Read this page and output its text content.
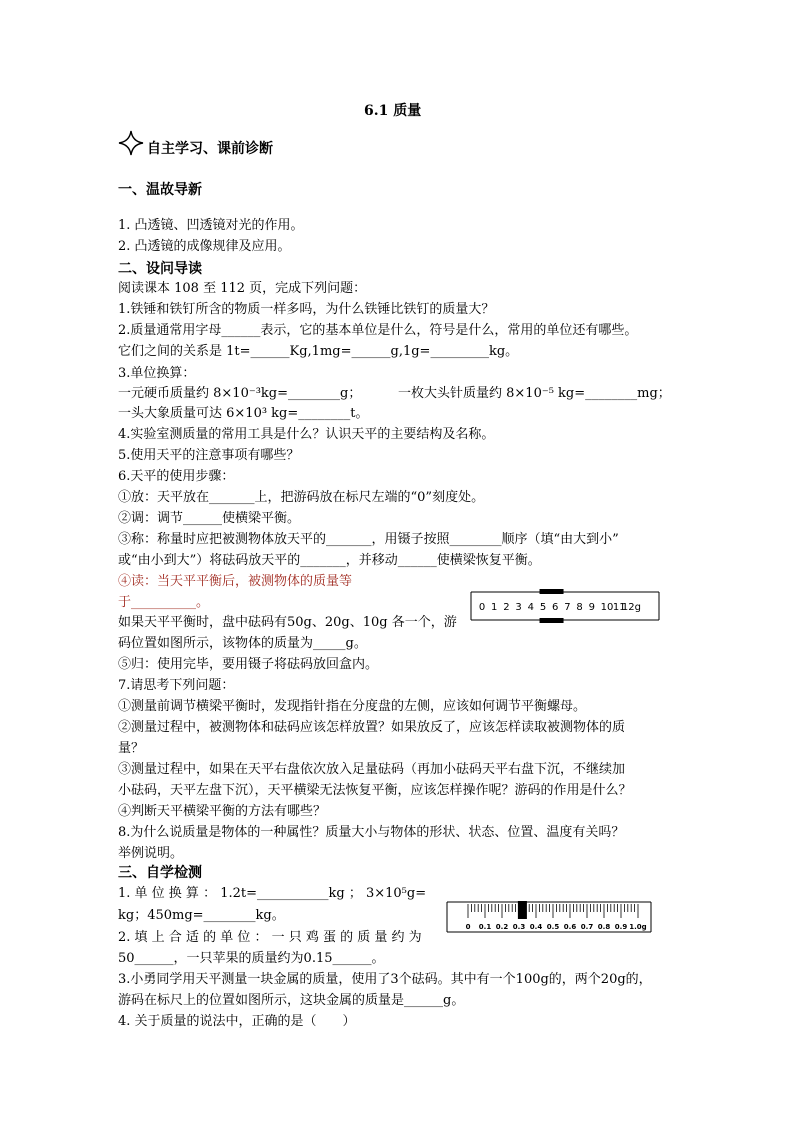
6.1 质量
自主学习、课前诊断
一、温故导新
1. 凸透镜、凹透镜对光的作用。
2. 凸透镜的成像规律及应用。
二、设问导读
阅读课本 108 至 112 页，完成下列问题：
1.铁锤和铁钉所含的物质一样多吗，为什么铁锤比铁钉的质量大？
2.质量通常用字母______表示，它的基本单位是什么，符号是什么，常用的单位还有哪些。
它们之间的关系是 1t=______Kg,1mg=______g,1g=_________kg。
3.单位换算：
一元硬币质量约 8×10⁻³kg=________g；	一枚大头针质量约 8×10⁻⁵ kg=________mg；
一头大象质量可达 6×10³ kg=________t。
4.实验室测质量的常用工具是什么？认识天平的主要结构及名称。
5.使用天平的注意事项有哪些？
6.天平的使用步骤：
①放：天平放在_______上，把游码放在标尺左端的“0”刻度处。
②调：调节______使横梁平衡。
③称：称量时应把被测物体放天平的_______，用镊子按照________顺序（填“由大到小”
或“由小到大”）将砝码放天平的_______，并移动______使横梁恢复平衡。
④读：当天平平衡后，被测物体的质量等
于__________。
如果天平平衡时，盘中砝码有50g、20g、10g 各一个，游
码位置如图所示，该物体的质量为_____g。
⑤归：使用完毕，要用镊子将砝码放回盒内。
7.请思考下列问题：
①测量前调节横梁平衡时，发现指针指在分度盘的左侧，应该如何调节平衡螺母。
②测量过程中，被测物体和砝码应该怎样放置？如果放反了，应该怎样读取被测物体的质
量？
③测量过程中，如果在天平右盘依次放入足量砝码（再加小砝码天平右盘下沉，不继续加
小砝码，天平左盘下沉），天平横梁无法恢复平衡，应该怎样操作呢？游码的作用是什么？
④判断天平横梁平衡的方法有哪些？
8.为什么说质量是物体的一种属性？质量大小与物体的形状、状态、位置、温度有关吗？
举例说明。
三、自学检测
1. 单 位 换 算 ： 1.2t=___________kg ； 3×10⁵g=
kg；450mg=________kg。
2. 填 上 合 适 的 单 位 ： 一 只 鸡 蛋 的 质 量 约 为
50______，一只苹果的质量约为0.15______。
3.小勇同学用天平测量一块金属的质量，使用了3个砝码。其中有一个100g的，两个20g的，
游码在标尺上的位置如图所示，这块金属的质量是______g。
4. 关于质量的说法中，正确的是（　　）
0 1 2 3 4 5 6 7 8 9 10 11
12g
0 0.1 0.2 0.3 0.4 0.5 0.6 0.7 0.8 0.9 1.0g
